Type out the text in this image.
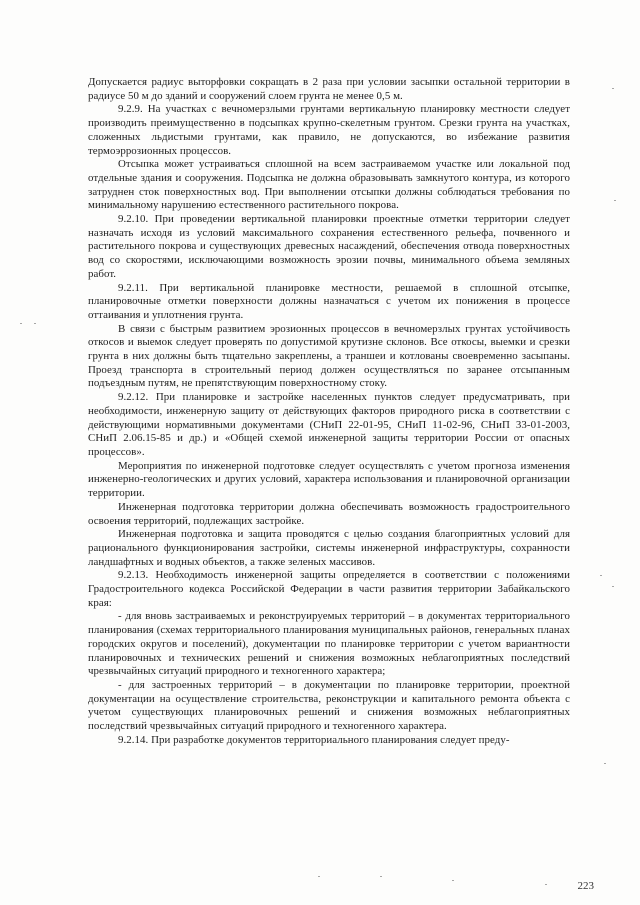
Допускается радиус выторфовки сокращать в 2 раза при условии засыпки остальной территории в радиусе 50 м до зданий и сооружений слоем грунта не менее 0,5 м.

9.2.9. На участках с вечномерзлыми грунтами вертикальную планировку местности следует производить преимущественно в подсыпках крупно-скелетным грунтом. Срезки грунта на участках, сложенных льдистыми грунтами, как правило, не допускаются, во избежание развития термоэррозионных процессов.

Отсыпка может устраиваться сплошной на всем застраиваемом участке или локальной под отдельные здания и сооружения. Подсыпка не должна образовывать замкнутого контура, из которого затруднен сток поверхностных вод. При выполнении отсыпки должны соблюдаться требования по минимальному нарушению естественного растительного покрова.

9.2.10. При проведении вертикальной планировки проектные отметки территории следует назначать исходя из условий максимального сохранения естественного рельефа, почвенного и растительного покрова и существующих древесных насаждений, обеспечения отвода поверхностных вод со скоростями, исключающими возможность эрозии почвы, минимального объема земляных работ.

9.2.11. При вертикальной планировке местности, решаемой в сплошной отсыпке, планировочные отметки поверхности должны назначаться с учетом их понижения в процессе оттаивания и уплотнения грунта.

В связи с быстрым развитием эрозионных процессов в вечномерзлых грунтах устойчивость откосов и выемок следует проверять по допустимой крутизне склонов. Все откосы, выемки и срезки грунта в них должны быть тщательно закреплены, а траншеи и котлованы своевременно засыпаны. Проезд транспорта в строительный период должен осуществляться по заранее отсыпанным подъездным путям, не препятствующим поверхностному стоку.

9.2.12. При планировке и застройке населенных пунктов следует предусматривать, при необходимости, инженерную защиту от действующих факторов природного риска в соответствии с действующими нормативными документами (СНиП 22-01-95, СНиП 11-02-96, СНиП 33-01-2003, СНиП 2.06.15-85 и др.) и «Общей схемой инженерной защиты территории России от опасных процессов».

Мероприятия по инженерной подготовке следует осуществлять с учетом прогноза изменения инженерно-геологических и других условий, характера использования и планировочной организации территории.

Инженерная подготовка территории должна обеспечивать возможность градостроительного освоения территорий, подлежащих застройке.

Инженерная подготовка и защита проводятся с целью создания благоприятных условий для рационального функционирования застройки, системы инженерной инфраструктуры, сохранности ландшафтных и водных объектов, а также зеленых массивов.

9.2.13. Необходимость инженерной защиты определяется в соответствии с положениями Градостроительного кодекса Российской Федерации в части развития территории Забайкальского края:

- для вновь застраиваемых и реконструируемых территорий – в документах территориального планирования (схемах территориального планирования муниципальных районов, генеральных планах городских округов и поселений), документации по планировке территории с учетом вариантности планировочных и технических решений и снижения возможных неблагоприятных последствий чрезвычайных ситуаций природного и техногенного характера;

- для застроенных территорий – в документации по планировке территории, проектной документации на осуществление строительства, реконструкции и капитального ремонта объекта с учетом существующих планировочных решений и снижения возможных неблагоприятных последствий чрезвычайных ситуаций природного и техногенного характера.

9.2.14. При разработке документов территориального планирования следует преду-

223
